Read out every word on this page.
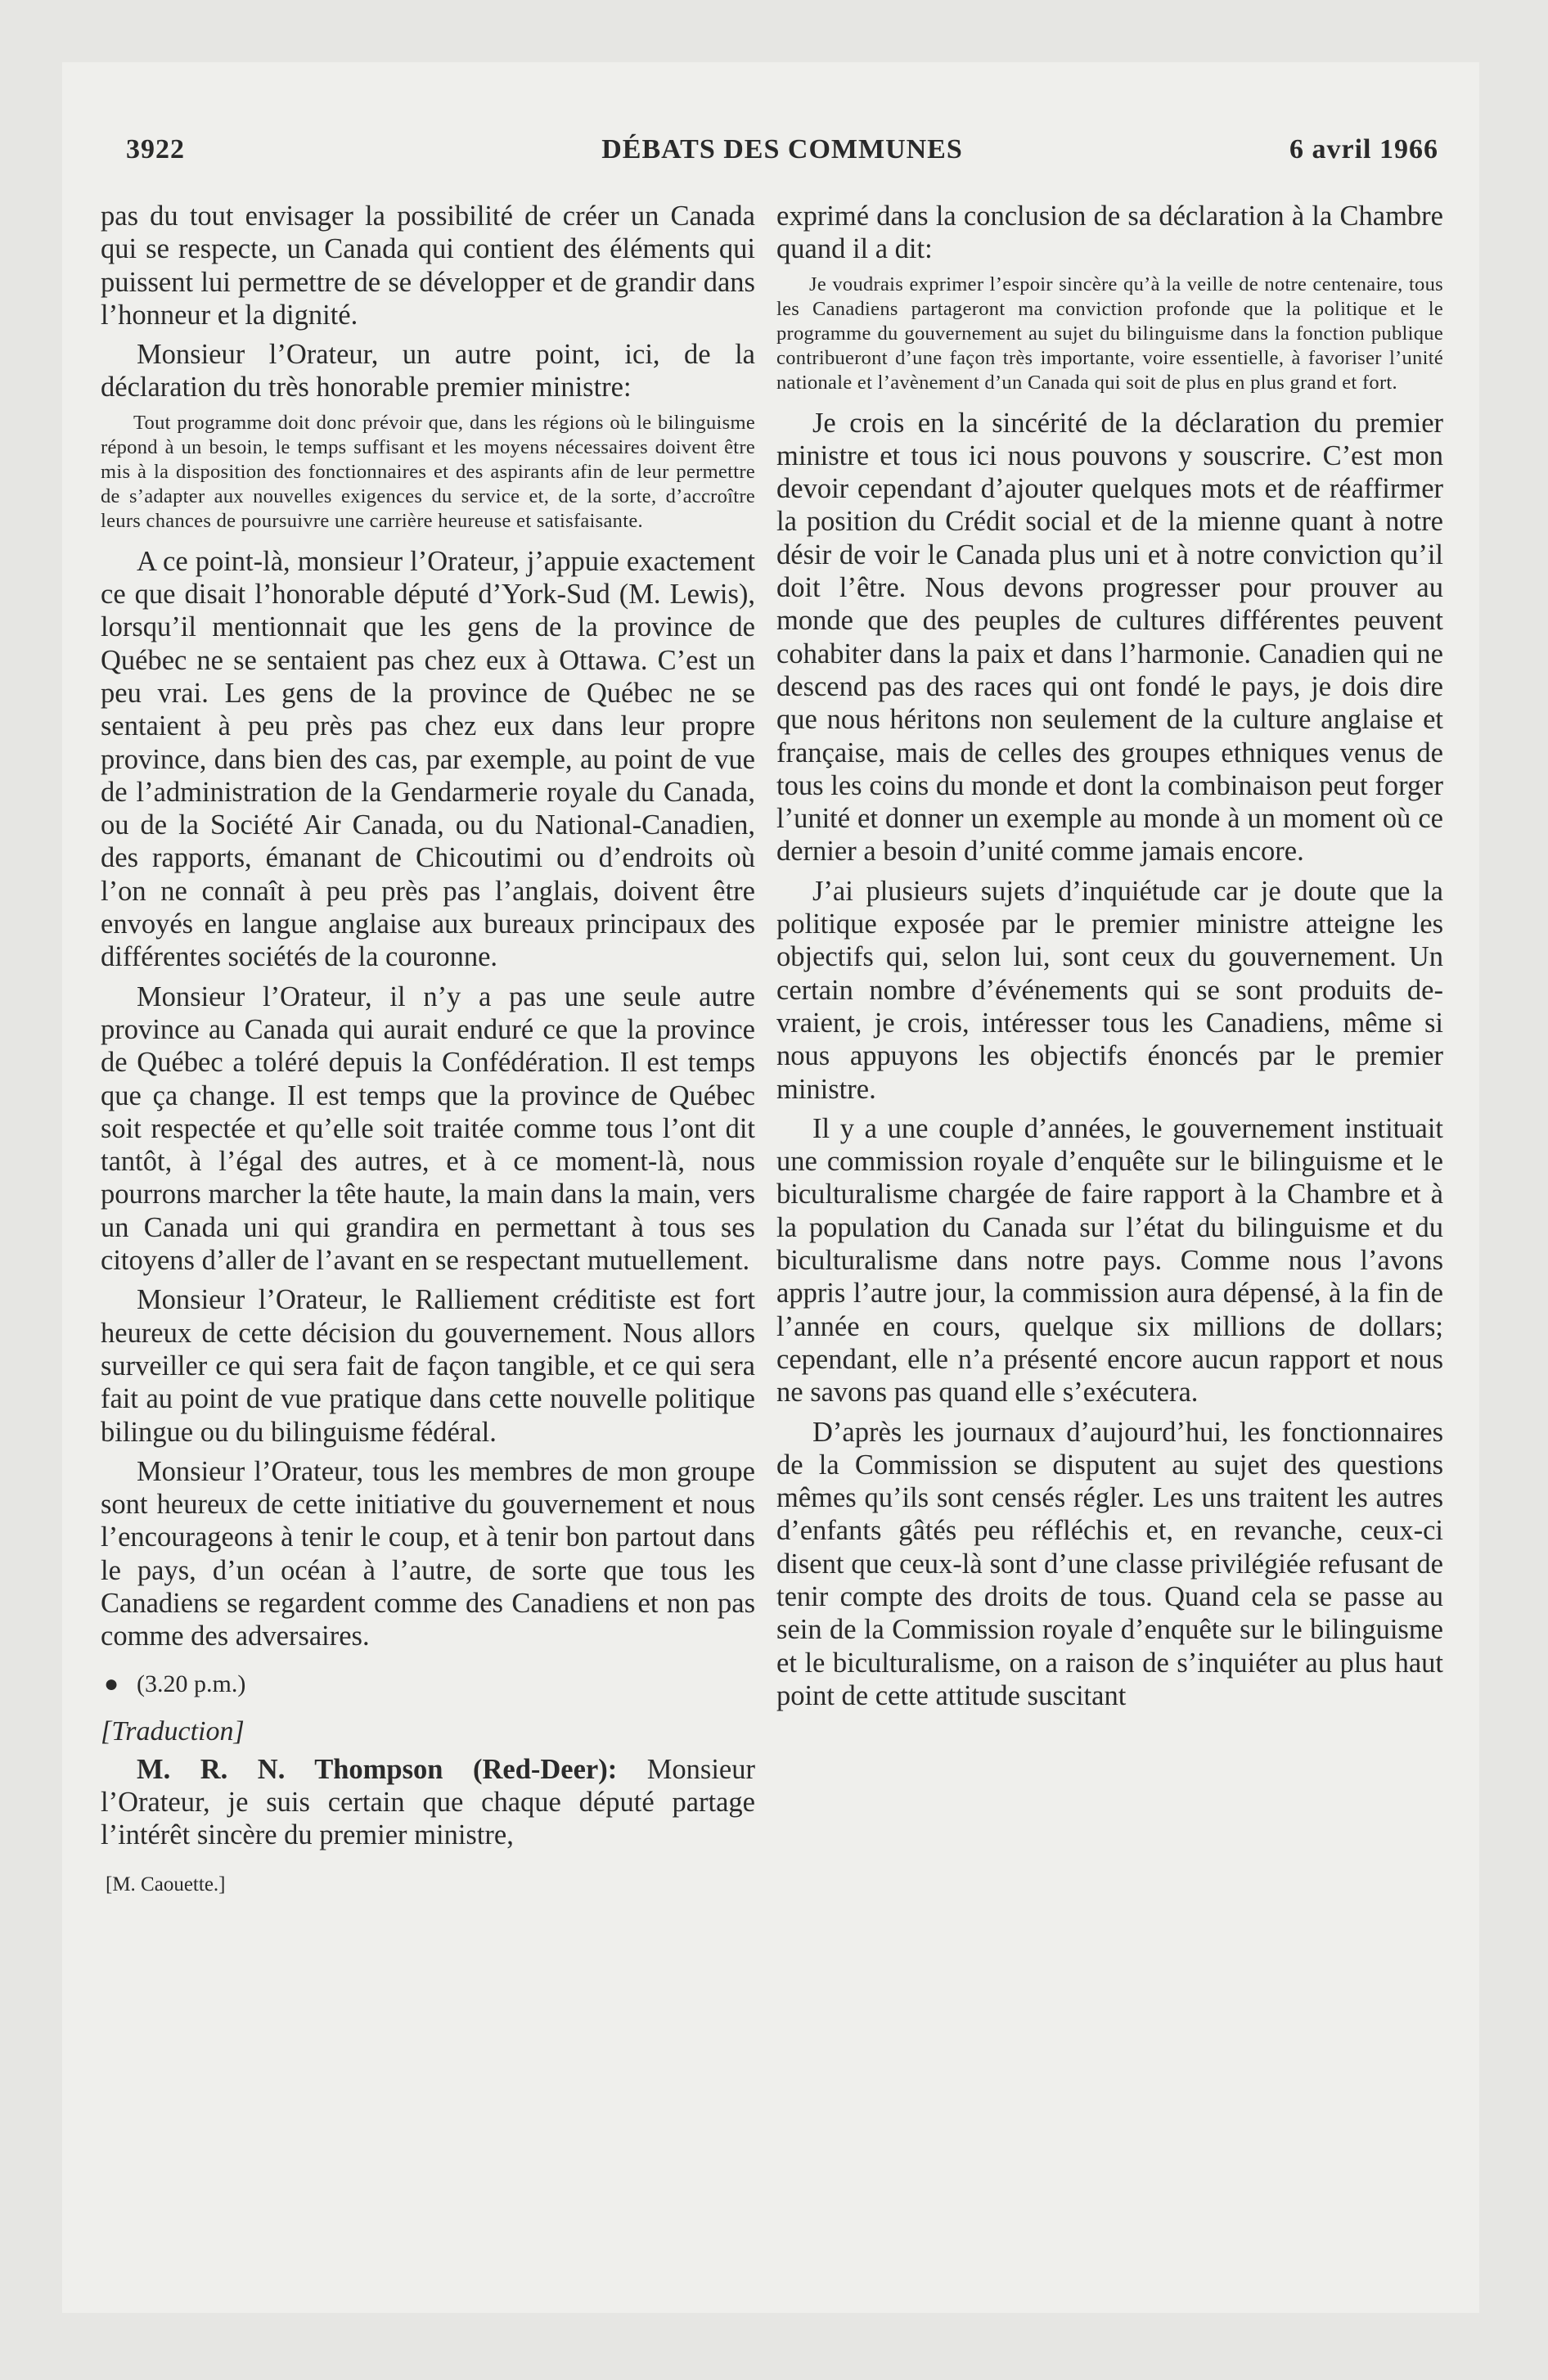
3922	DÉBATS DES COMMUNES	6 avril 1966

pas du tout envisager la possibilité de créer un Canada qui se respecte, un Canada qui contient des éléments qui puissent lui permettre de se développer et de grandir dans l’honneur et la dignité.

Monsieur l’Orateur, un autre point, ici, de la déclaration du très honorable premier ministre:

Tout programme doit donc prévoir que, dans les régions où le bilinguisme répond à un besoin, le temps suffisant et les moyens nécessaires doivent être mis à la disposition des fonctionnaires et des aspirants afin de leur permettre de s’adapter aux nouvelles exigences du service et, de la sorte, d’accroître leurs chances de poursuivre une carrière heureuse et satisfaisante.

A ce point-là, monsieur l’Orateur, j’appuie exactement ce que disait l’honorable député d’York-Sud (M. Lewis), lorsqu’il mentionnait que les gens de la province de Québec ne se sentaient pas chez eux à Ottawa. C’est un peu vrai. Les gens de la province de Québec ne se sentaient à peu près pas chez eux dans leur propre province, dans bien des cas, par exemple, au point de vue de l’administration de la Gendarmerie royale du Canada, ou de la Société Air Canada, ou du National-Canadien, des rapports, émanant de Chicoutimi ou d’endroits où l’on ne connaît à peu près pas l’anglais, doivent être envoyés en langue anglaise aux bureaux principaux des différentes sociétés de la couronne.

Monsieur l’Orateur, il n’y a pas une seule autre province au Canada qui aurait enduré ce que la province de Québec a toléré depuis la Confédération. Il est temps que ça change. Il est temps que la province de Québec soit respectée et qu’elle soit traitée comme tous l’ont dit tantôt, à l’égal des autres, et à ce moment-là, nous pourrons marcher la tête haute, la main dans la main, vers un Canada uni qui grandira en permettant à tous ses citoyens d’aller de l’avant en se respectant mutuellement.

Monsieur l’Orateur, le Ralliement créditiste est fort heureux de cette décision du gouvernement. Nous allors surveiller ce qui sera fait de façon tangible, et ce qui sera fait au point de vue pratique dans cette nouvelle politique bilingue ou du bilinguisme fédéral.

Monsieur l’Orateur, tous les membres de mon groupe sont heureux de cette initiative du gouvernement et nous l’encourageons à tenir le coup, et à tenir bon partout dans le pays, d’un océan à l’autre, de sorte que tous les Canadiens se regardent comme des Canadiens et non pas comme des adversaires.

● (3.20 p.m.)
[Traduction]

M. R. N. Thompson (Red-Deer): Monsieur l’Orateur, je suis certain que chaque député partage l’intérêt sincère du premier ministre,

[M. Caouette.]

exprimé dans la conclusion de sa déclaration à la Chambre quand il a dit:

Je voudrais exprimer l’espoir sincère qu’à la veille de notre centenaire, tous les Canadiens partageront ma conviction profonde que la politique et le programme du gouvernement au sujet du bilinguisme dans la fonction publique contribueront d’une façon très importante, voire essentielle, à favoriser l’unité nationale et l’avènement d’un Canada qui soit de plus en plus grand et fort.

Je crois en la sincérité de la déclaration du premier ministre et tous ici nous pouvons y souscrire. C’est mon devoir cependant d’ajouter quelques mots et de réaffirmer la position du Crédit social et de la mienne quant à notre désir de voir le Canada plus uni et à notre conviction qu’il doit l’être. Nous devons progresser pour prouver au monde que des peuples de cultures différentes peuvent cohabiter dans la paix et dans l’harmonie. Canadien qui ne descend pas des races qui ont fondé le pays, je dois dire que nous héritons non seulement de la culture anglaise et française, mais de celles des groupes ethniques venus de tous les coins du monde et dont la combinaison peut forger l’unité et donner un exemple au monde à un moment où ce dernier a besoin d’unité comme jamais encore.

J’ai plusieurs sujets d’inquiétude car je doute que la politique exposée par le premier ministre atteigne les objectifs qui, selon lui, sont ceux du gouvernement. Un certain nombre d’événements qui se sont produits devraient, je crois, intéresser tous les Canadiens, même si nous appuyons les objectifs énoncés par le premier ministre.

Il y a une couple d’années, le gouvernement instituait une commission royale d’enquête sur le bilinguisme et le biculturalisme chargée de faire rapport à la Chambre et à la population du Canada sur l’état du bilinguisme et du biculturalisme dans notre pays. Comme nous l’avons appris l’autre jour, la commission aura dépensé, à la fin de l’année en cours, quelque six millions de dollars; cependant, elle n’a présenté encore aucun rapport et nous ne savons pas quand elle s’exécutera.

D’après les journaux d’aujourd’hui, les fonctionnaires de la Commission se disputent au sujet des questions mêmes qu’ils sont censés régler. Les uns traitent les autres d’enfants gâtés peu réfléchis et, en revanche, ceux-ci disent que ceux-là sont d’une classe privilégiée refusant de tenir compte des droits de tous. Quand cela se passe au sein de la Commission royale d’enquête sur le bilinguisme et le biculturalisme, on a raison de s’inquiéter au plus haut point de cette attitude suscitant
